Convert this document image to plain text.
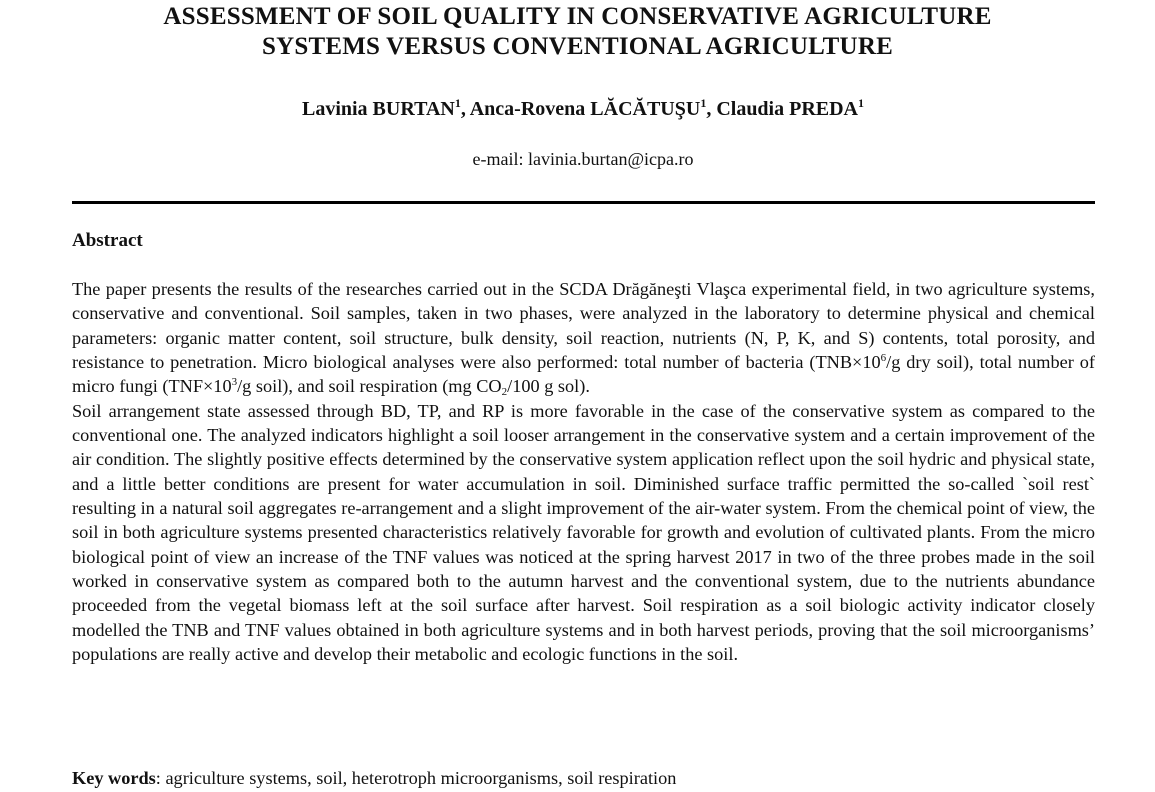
ASSESSMENT OF SOIL QUALITY IN CONSERVATIVE AGRICULTURE
SYSTEMS VERSUS CONVENTIONAL AGRICULTURE
Lavinia BURTAN$^1$, Anca-Rovena LĂCĂTUŞU$^1$, Claudia PREDA$^1$
e-mail: lavinia.burtan@icpa.ro
Abstract

The paper presents the results of the researches carried out in the SCDA Drăgăneşti Vlaşca experimental field, in two agriculture systems, conservative and conventional. Soil samples, taken in two phases, were analyzed in the laboratory to determine physical and chemical parameters: organic matter content, soil structure, bulk density, soil reaction, nutrients (N, P, K, and S) contents, total porosity, and resistance to penetration. Micro biological analyses were also performed: total number of bacteria ($TNB\times 10^6/g$ dry soil), total number of micro fungi ($TNF\times 10^3/g$ soil), and soil respiration (mg $CO_2/100$ g sol).

Soil arrangement state assessed through BD, TP, and RP is more favorable in the case of the conservative system as compared to the conventional one. The analyzed indicators highlight a soil looser arrangement in the conservative system and a certain improvement of the air condition. The slightly positive effects determined by the conservative system application reflect upon the soil hydric and physical state, and a little better conditions are present for water accumulation in soil. Diminished surface traffic permitted the so-called `soil rest` resulting in a natural soil aggregates re-arrangement and a slight improvement of the air-water system. From the chemical point of view, the soil in both agriculture systems presented characteristics relatively favorable for growth and evolution of cultivated plants. From the micro biological point of view an increase of the TNF values was noticed at the spring harvest 2017 in two of the three probes made in the soil worked in conservative system as compared both to the autumn harvest and the conventional system, due to the nutrients abundance proceeded from the vegetal biomass left at the soil surface after harvest. Soil respiration as a soil biologic activity indicator closely modelled the TNB and TNF values obtained in both agriculture systems and in both harvest periods, proving that the soil microorganisms’ populations are really active and develop their metabolic and ecologic functions in the soil.

Key words: agriculture systems, soil, heterotroph microorganisms, soil respiration
